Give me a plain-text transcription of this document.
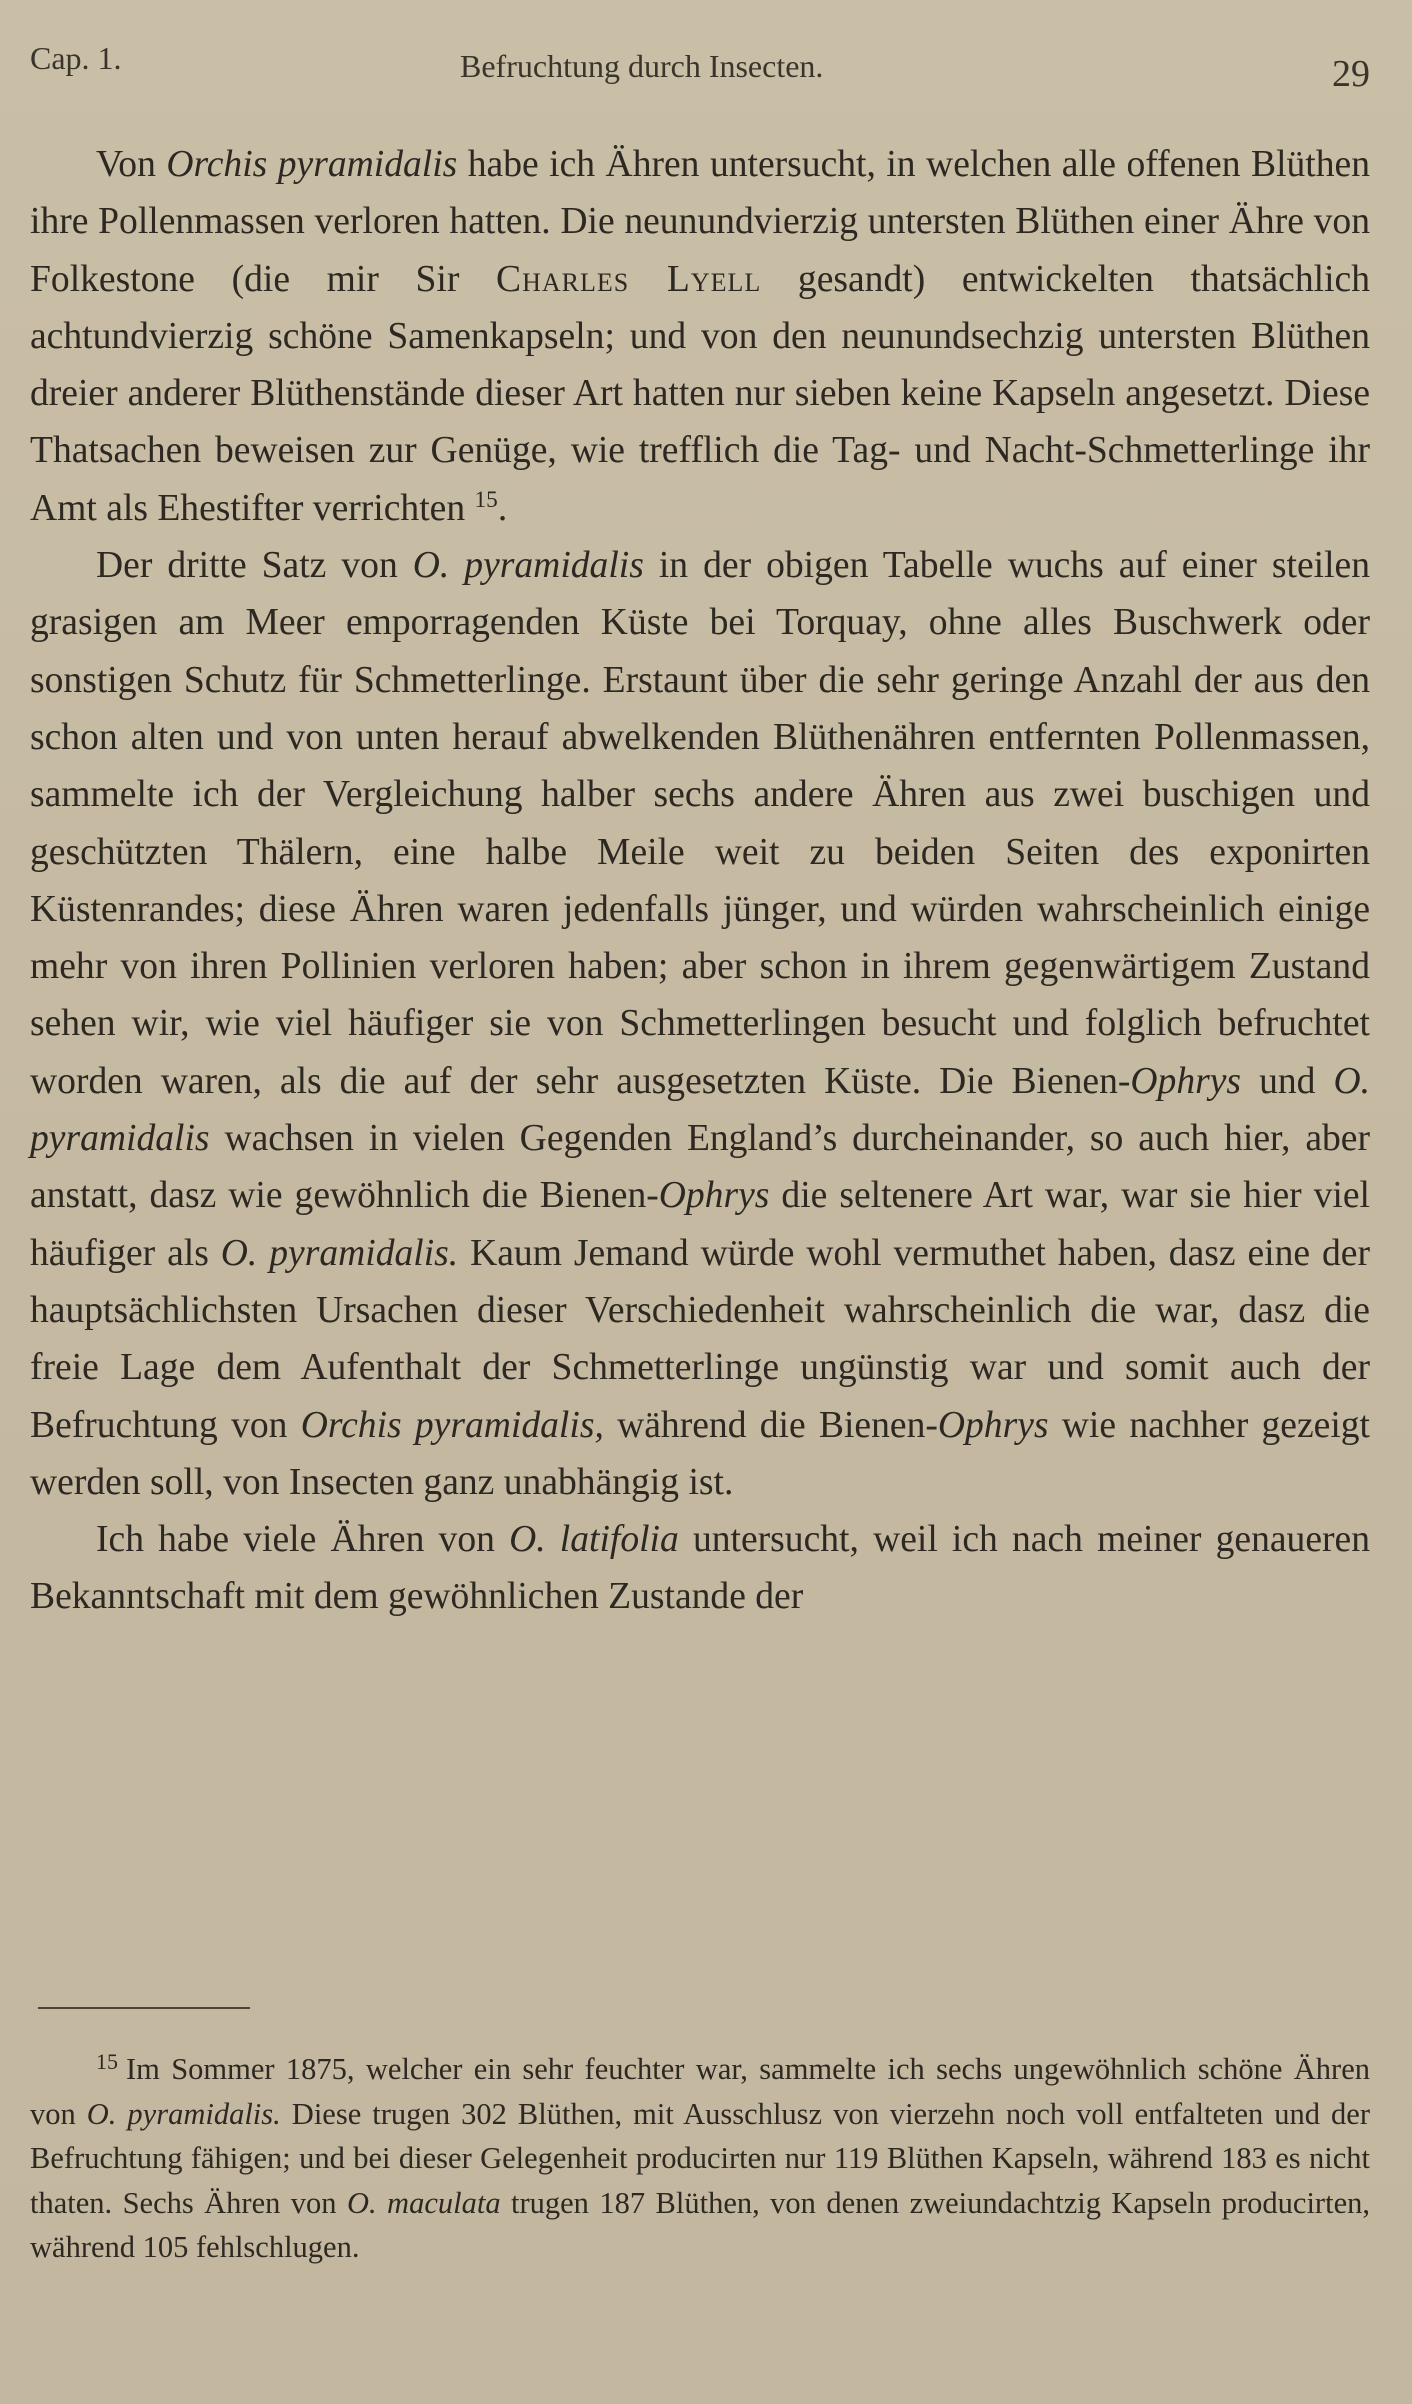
Cap. 1.	Befruchtung durch Insecten.	29

Von Orchis pyramidalis habe ich Ähren untersucht, in welchen alle offenen Blüthen ihre Pollenmassen verloren hatten. Die neunundvierzig untersten Blüthen einer Ähre von Folkestone (die mir Sir Charles Lyell gesandt) entwickelten thatsächlich achtundvierzig schöne Samenkapseln; und von den neunundsechzig untersten Blüthen dreier anderer Blüthenstände dieser Art hatten nur sieben keine Kapseln angesetzt. Diese Thatsachen beweisen zur Genüge, wie trefflich die Tag- und Nacht-Schmetterlinge ihr Amt als Ehestifter verrichten $^{15}$.

Der dritte Satz von O. pyramidalis in der obigen Tabelle wuchs auf einer steilen grasigen am Meer emporragenden Küste bei Torquay, ohne alles Buschwerk oder sonstigen Schutz für Schmetterlinge. Erstaunt über die sehr geringe Anzahl der aus den schon alten und von unten herauf abwelkenden Blüthenähren entfernten Pollenmassen, sammelte ich der Vergleichung halber sechs andere Ähren aus zwei buschigen und geschützten Thälern, eine halbe Meile weit zu beiden Seiten des exponirten Küstenrandes; diese Ähren waren jedenfalls jünger, und würden wahrscheinlich einige mehr von ihren Pollinien verloren haben; aber schon in ihrem gegenwärtigem Zustand sehen wir, wie viel häufiger sie von Schmetterlingen besucht und folglich befruchtet worden waren, als die auf der sehr ausgesetzten Küste. Die Bienen-Ophrys und O. pyramidalis wachsen in vielen Gegenden England’s durcheinander, so auch hier, aber anstatt, dasz wie gewöhnlich die Bienen-Ophrys die seltenere Art war, war sie hier viel häufiger als O. pyramidalis. Kaum Jemand würde wohl vermuthet haben, dasz eine der hauptsächlichsten Ursachen dieser Verschiedenheit wahrscheinlich die war, dasz die freie Lage dem Aufenthalt der Schmetterlinge ungünstig war und somit auch der Befruchtung von Orchis pyramidalis, während die Bienen-Ophrys wie nachher gezeigt werden soll, von Insecten ganz unabhängig ist.

Ich habe viele Ähren von O. latifolia untersucht, weil ich nach meiner genaueren Bekanntschaft mit dem gewöhnlichen Zustande der

$^{15}$ Im Sommer 1875, welcher ein sehr feuchter war, sammelte ich sechs ungewöhnlich schöne Ähren von O. pyramidalis. Diese trugen 302 Blüthen, mit Ausschlusz von vierzehn noch voll entfalteten und der Befruchtung fähigen; und bei dieser Gelegenheit producirten nur 119 Blüthen Kapseln, während 183 es nicht thaten. Sechs Ähren von O. maculata trugen 187 Blüthen, von denen zweiundachtzig Kapseln producirten, während 105 fehlschlugen.
